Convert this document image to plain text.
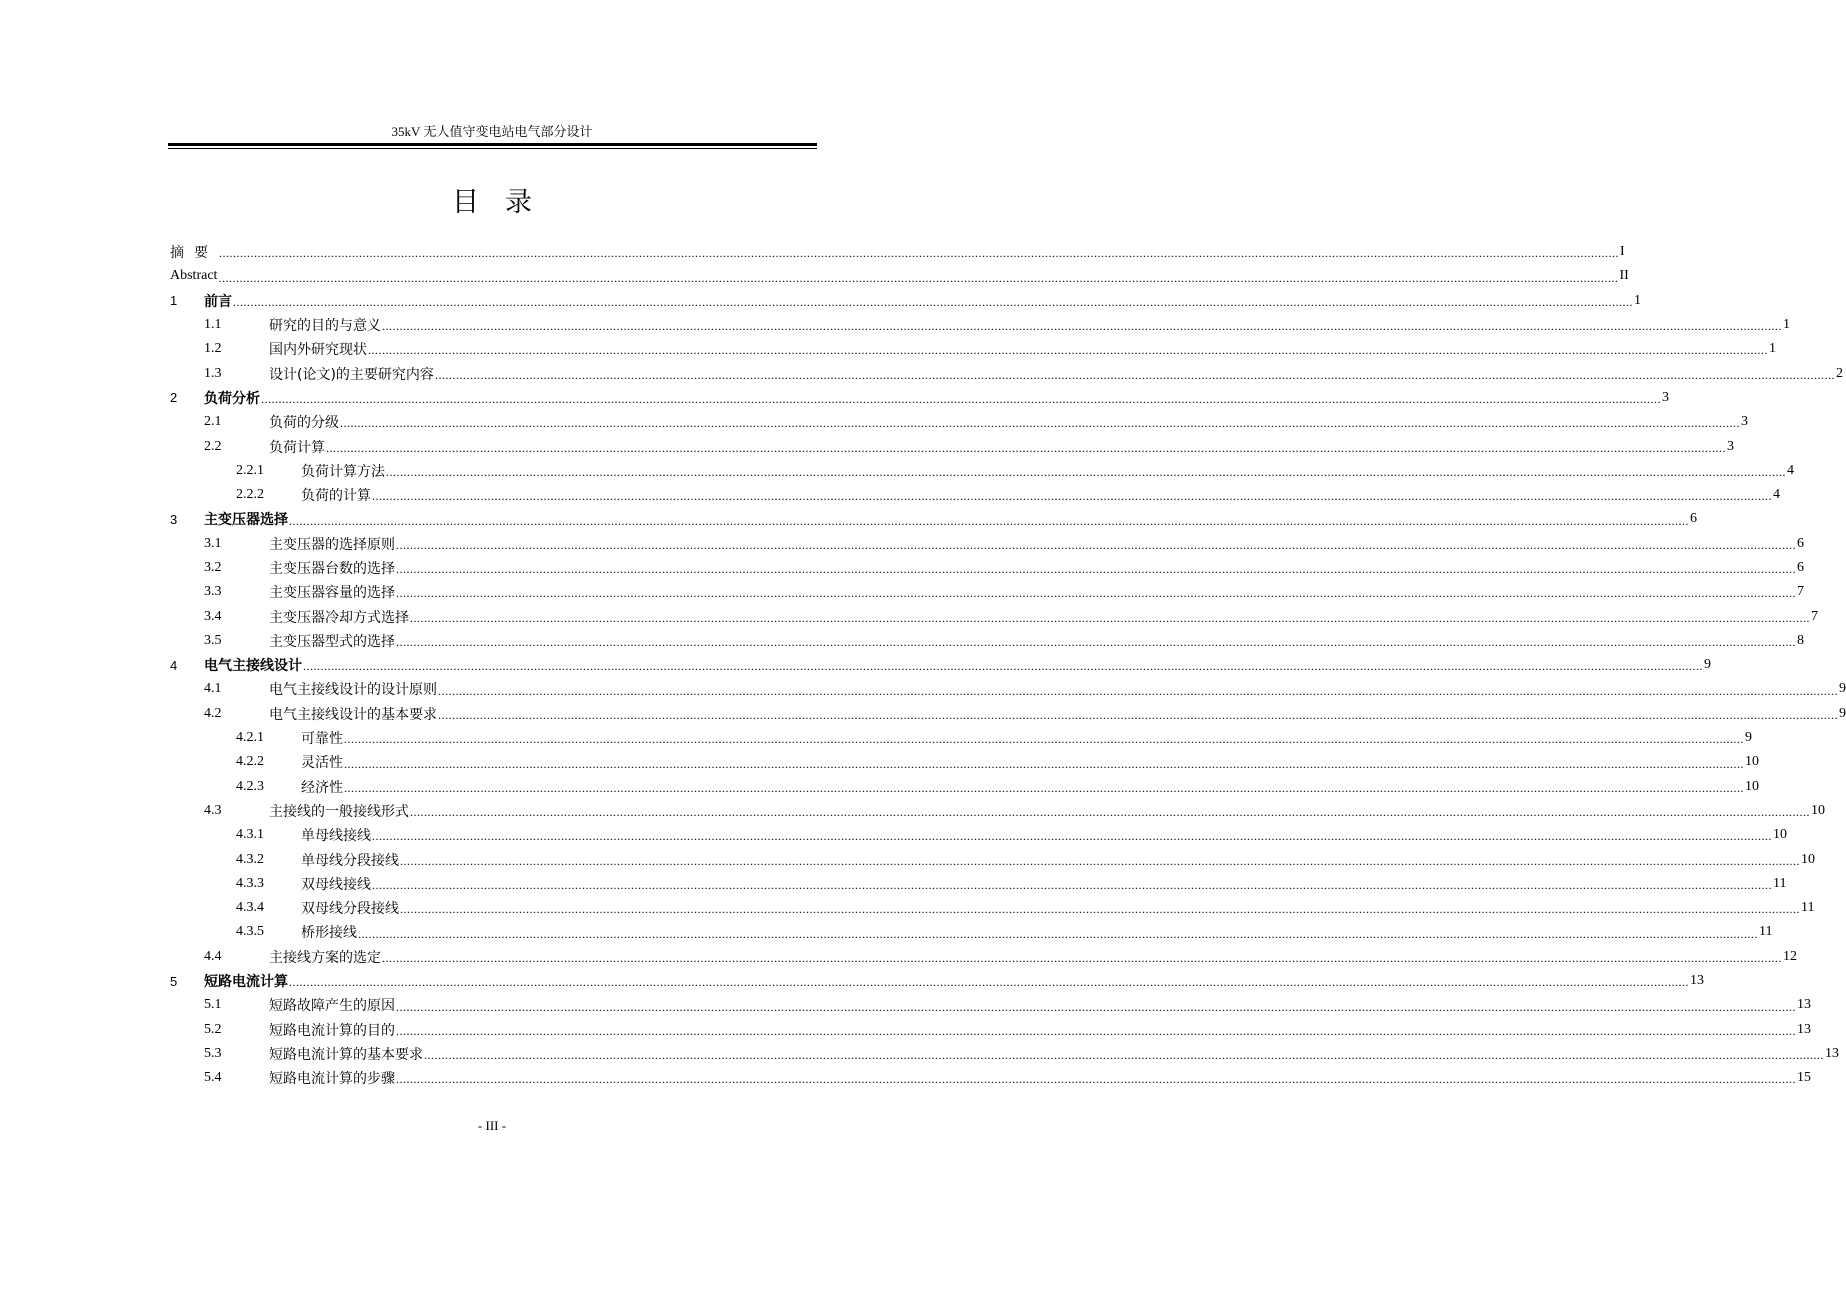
35kV 无人值守变电站电气部分设计
目录
摘要 ................................................................................................................................................................................................................................................................................................................................................................................................................ I
Abstract ................................................................................................................................................................................................................................................................................................................................................................................................................ II
1	前言 ................................................................................................................................................................................................................................................................................................................................................................................................................ 1
1.1	研究的目的与意义 ................................................................................................................................................................................................................................................................................................................................................................................................................ 1
1.2	国内外研究现状 ................................................................................................................................................................................................................................................................................................................................................................................................................ 1
1.3	设计(论文)的主要研究内容 ................................................................................................................................................................................................................................................................................................................................................................................................................ 2
2	负荷分析 ................................................................................................................................................................................................................................................................................................................................................................................................................ 3
2.1	负荷的分级 ................................................................................................................................................................................................................................................................................................................................................................................................................ 3
2.2	负荷计算 ................................................................................................................................................................................................................................................................................................................................................................................................................ 3
2.2.1	负荷计算方法 ................................................................................................................................................................................................................................................................................................................................................................................................................ 4
2.2.2	负荷的计算 ................................................................................................................................................................................................................................................................................................................................................................................................................ 4
3	主变压器选择 ................................................................................................................................................................................................................................................................................................................................................................................................................ 6
3.1	主变压器的选择原则 ................................................................................................................................................................................................................................................................................................................................................................................................................ 6
3.2	主变压器台数的选择 ................................................................................................................................................................................................................................................................................................................................................................................................................ 6
3.3	主变压器容量的选择 ................................................................................................................................................................................................................................................................................................................................................................................................................ 7
3.4	主变压器冷却方式选择 ................................................................................................................................................................................................................................................................................................................................................................................................................ 7
3.5	主变压器型式的选择 ................................................................................................................................................................................................................................................................................................................................................................................................................ 8
4	电气主接线设计 ................................................................................................................................................................................................................................................................................................................................................................................................................ 9
4.1	电气主接线设计的设计原则 ................................................................................................................................................................................................................................................................................................................................................................................................................ 9
4.2	电气主接线设计的基本要求 ................................................................................................................................................................................................................................................................................................................................................................................................................ 9
4.2.1	可靠性 ................................................................................................................................................................................................................................................................................................................................................................................................................ 9
4.2.2	灵活性 ................................................................................................................................................................................................................................................................................................................................................................................................................ 10
4.2.3	经济性 ................................................................................................................................................................................................................................................................................................................................................................................................................ 10
4.3	主接线的一般接线形式 ................................................................................................................................................................................................................................................................................................................................................................................................................ 10
4.3.1	单母线接线 ................................................................................................................................................................................................................................................................................................................................................................................................................ 10
4.3.2	单母线分段接线 ................................................................................................................................................................................................................................................................................................................................................................................................................ 10
4.3.3	双母线接线 ................................................................................................................................................................................................................................................................................................................................................................................................................ 11
4.3.4	双母线分段接线 ................................................................................................................................................................................................................................................................................................................................................................................................................ 11
4.3.5	桥形接线 ................................................................................................................................................................................................................................................................................................................................................................................................................ 11
4.4	主接线方案的选定 ................................................................................................................................................................................................................................................................................................................................................................................................................ 12
5	短路电流计算 ................................................................................................................................................................................................................................................................................................................................................................................................................ 13
5.1	短路故障产生的原因 ................................................................................................................................................................................................................................................................................................................................................................................................................ 13
5.2	短路电流计算的目的 ................................................................................................................................................................................................................................................................................................................................................................................................................ 13
5.3	短路电流计算的基本要求 ................................................................................................................................................................................................................................................................................................................................................................................................................ 13
5.4	短路电流计算的步骤 ................................................................................................................................................................................................................................................................................................................................................................................................................ 15
- III -
